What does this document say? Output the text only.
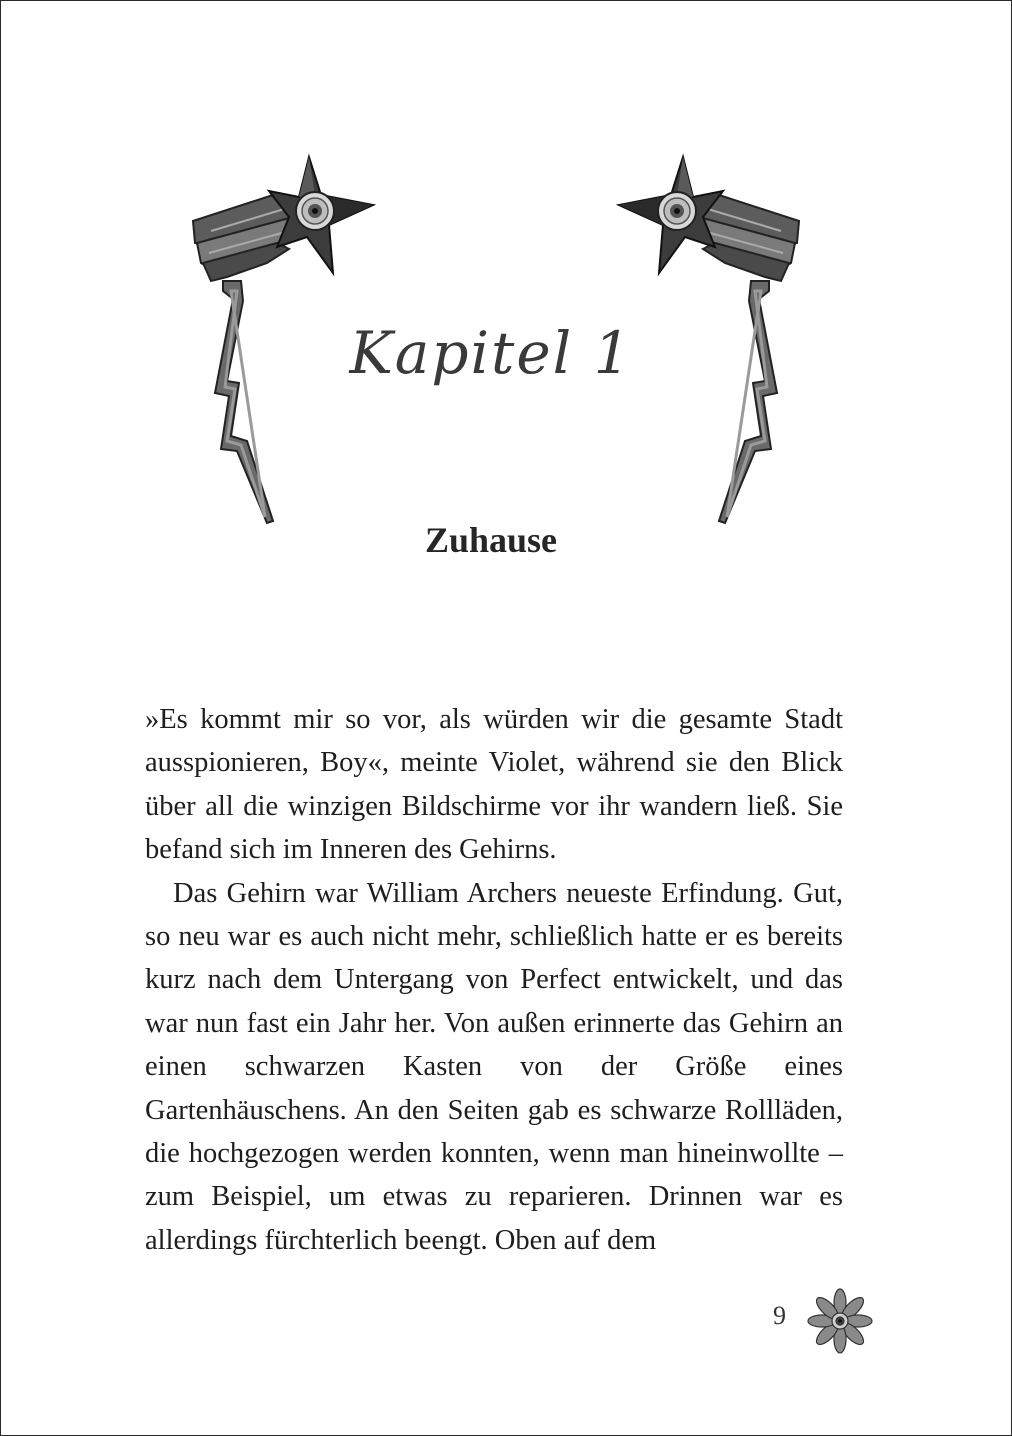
Kapitel 1
Zuhause

»Es kommt mir so vor, als würden wir die gesamte Stadt ausspionieren, Boy«, meinte Violet, während sie den Blick über all die winzigen Bildschirme vor ihr wandern ließ. Sie befand sich im Inneren des Gehirns.

Das Gehirn war William Archers neueste Erfindung. Gut, so neu war es auch nicht mehr, schließlich hatte er es bereits kurz nach dem Untergang von Perfect entwickelt, und das war nun fast ein Jahr her. Von außen erinnerte das Gehirn an einen schwarzen Kasten von der Größe eines Gartenhäuschens. An den Seiten gab es schwarze Rollläden, die hochgezogen werden konnten, wenn man hineinwollte – zum Beispiel, um etwas zu reparieren. Drinnen war es allerdings fürchterlich beengt. Oben auf dem

9
